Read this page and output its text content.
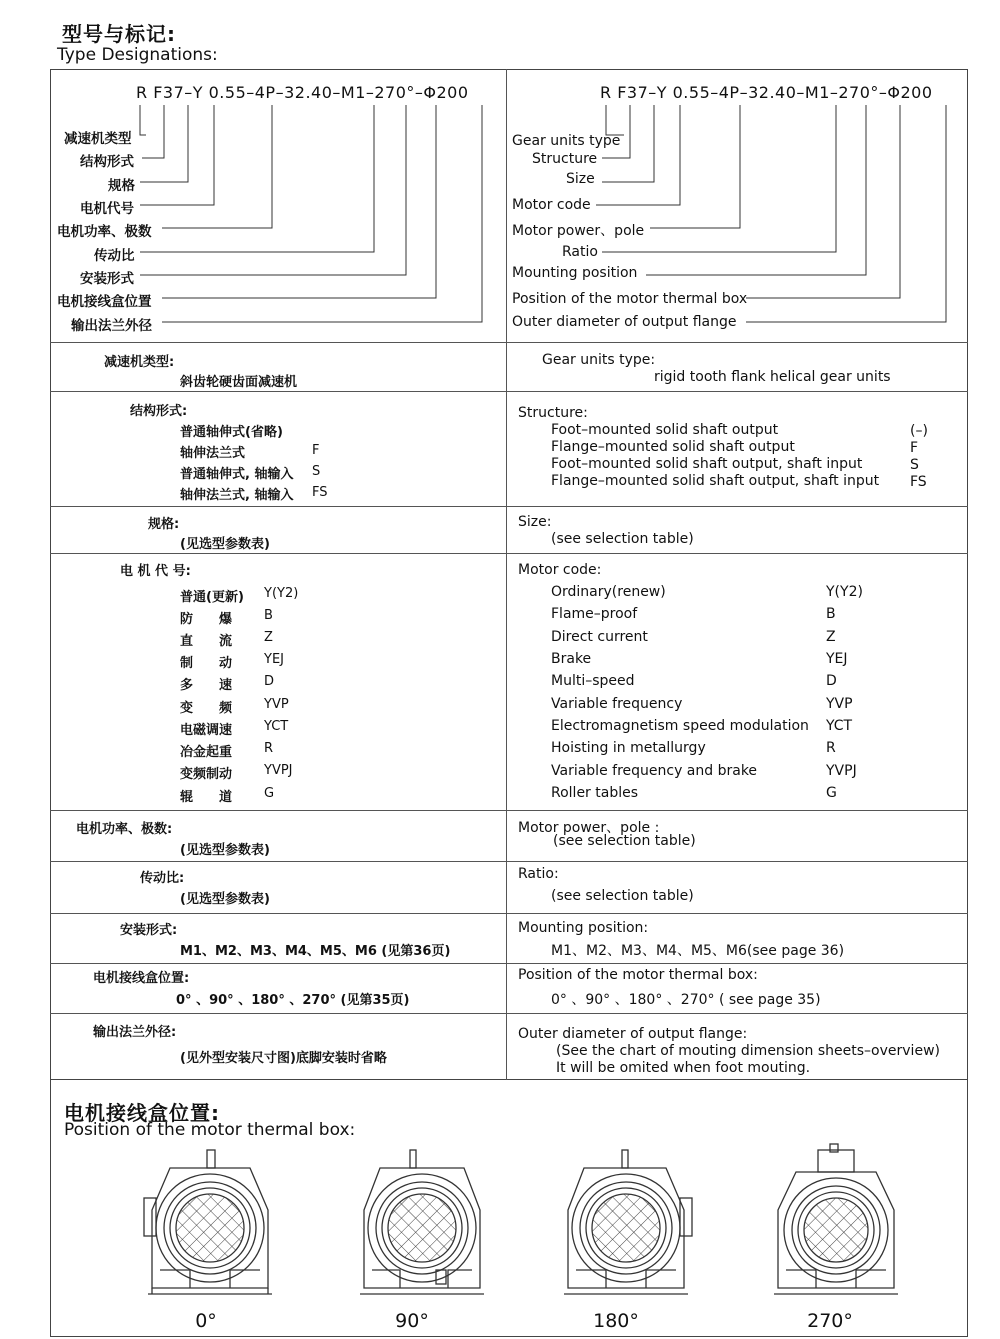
型号与标记:
Type Designations:
R F37–Y 0.55–4P–32.40–M1–270°–Φ200	R F37–Y 0.55–4P–32.40–M1–270°–Φ200
减速机类型
结构形式
规格
电机代号
电机功率、极数
传动比
安装形式
电机接线盒位置
输出法兰外径
Gear units type
Structure
Size
Motor code
Motor power、pole
Ratio
Mounting position
Position of the motor thermal box
Outer diameter of output flange
减速机类型:
斜齿轮硬齿面减速机
Gear units type:
rigid tooth flank helical gear units
结构形式:
普通轴伸式(省略)
轴伸法兰式	F
普通轴伸式, 轴输入 S
轴伸法兰式, 轴输入 FS
Structure:
Foot–mounted solid shaft output	(–)
Flange–mounted solid shaft output	F
Foot–mounted solid shaft output, shaft input	S
Flange–mounted solid shaft output, shaft input FS
规格:
(见选型参数表)
Size:
(see selection table)
电 机 代 号:	Motor code:
普通(更新) Y(Y2)
防　　爆 B
直　　流 Z
制　　动 YEJ
多　　速 D
变　　频 YVP
电磁调速 YCT
冶金起重 R
变频制动 YVPJ
辊　　道 G
Ordinary(renew)	Y(Y2)
Flame–proof	B
Direct current	Z
Brake	YEJ
Multi–speed	D
Variable frequency	YVP
Electromagnetism speed modulation YCT
Hoisting in metallurgy	R
Variable frequency and brake	YVPJ
Roller tables	G
电机功率、极数:
(见选型参数表)
Motor power、pole :
(see selection table)
传动比:
(见选型参数表)
Ratio:
(see selection table)
安装形式:
M1、M2、M3、M4、M5、M6 (见第36页)
Mounting position:
M1、M2、M3、M4、M5、M6(see page 36)
电机接线盒位置:
0° 、90° 、180° 、270° (见第35页)
Position of the motor thermal box:
0° 、90° 、180° 、270° ( see page 35)
输出法兰外径:
(见外型安装尺寸图)底脚安装时省略
Outer diameter of output flange:
(See the chart of mouting dimension sheets–overview)
It will be omited when foot mouting.
电机接线盒位置:
Position of the motor thermal box:
0°	90°	180°	270°
